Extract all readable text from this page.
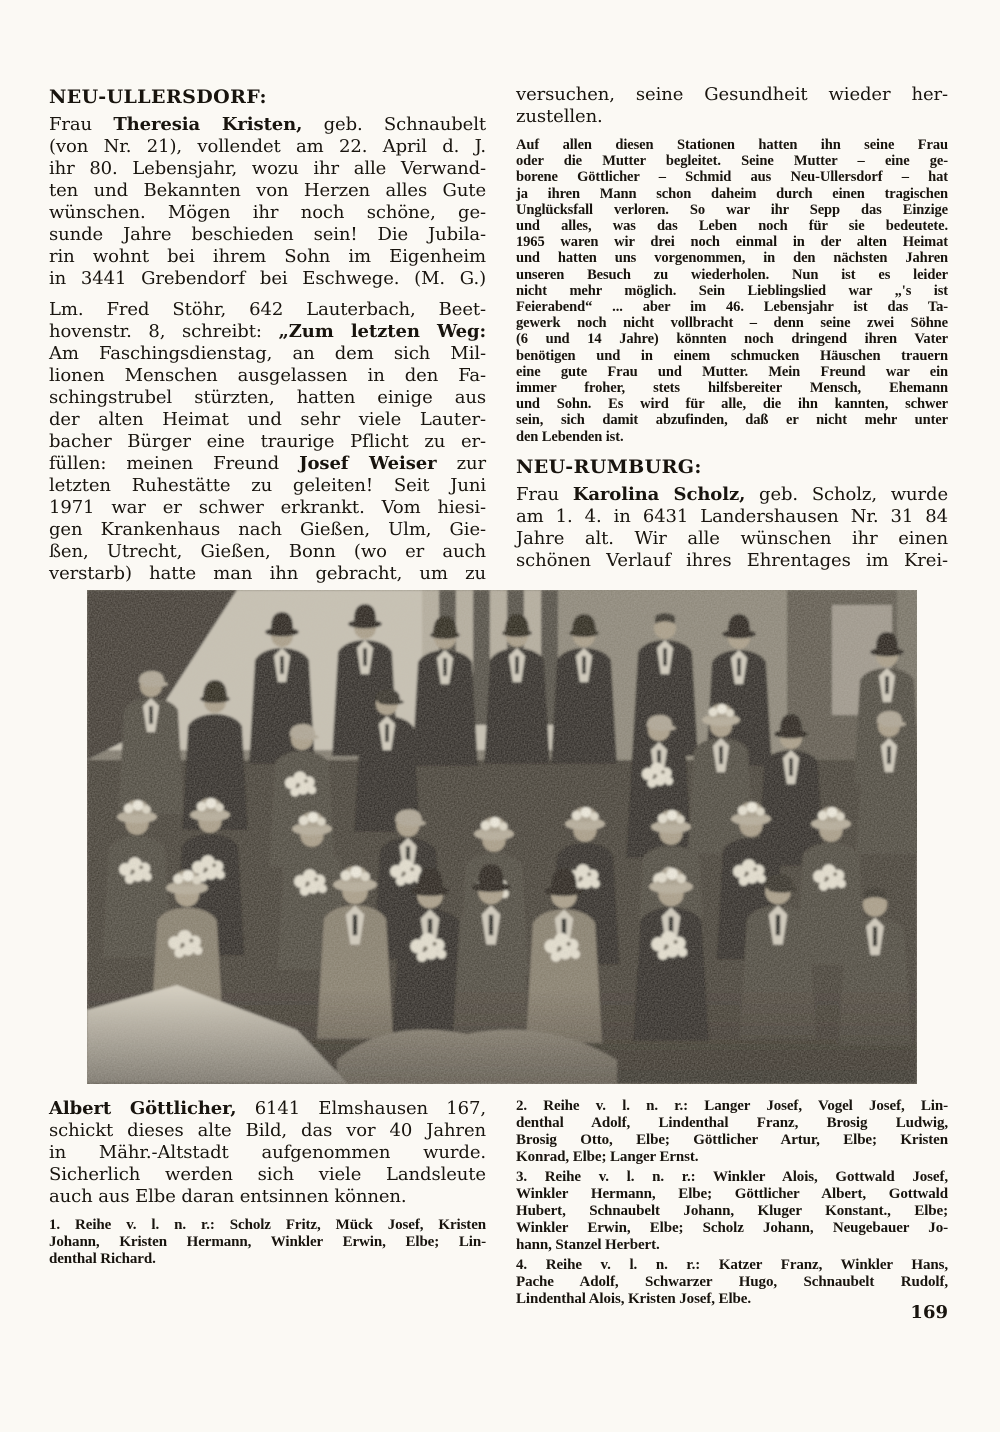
NEU-ULLERSDORF:
Frau Theresia Kristen, geb. Schnaubelt
(von Nr. 21), vollendet am 22. April d. J.
ihr 80. Lebensjahr, wozu ihr alle Verwand-
ten und Bekannten von Herzen alles Gute
wünschen. Mögen ihr noch schöne, ge-
sunde Jahre beschieden sein! Die Jubila-
rin wohnt bei ihrem Sohn im Eigenheim
in 3441 Grebendorf bei Eschwege. (M. G.)
Lm. Fred Stöhr, 642 Lauterbach, Beet-
hovenstr. 8, schreibt: „Zum letzten Weg:
Am Faschingsdienstag, an dem sich Mil-
lionen Menschen ausgelassen in den Fa-
schingstrubel stürzten, hatten einige aus
der alten Heimat und sehr viele Lauter-
bacher Bürger eine traurige Pflicht zu er-
füllen: meinen Freund Josef Weiser zur
letzten Ruhestätte zu geleiten! Seit Juni
1971 war er schwer erkrankt. Vom hiesi-
gen Krankenhaus nach Gießen, Ulm, Gie-
ßen, Utrecht, Gießen, Bonn (wo er auch
verstarb) hatte man ihn gebracht, um zu
versuchen, seine Gesundheit wieder her-
zustellen.
Auf allen diesen Stationen hatten ihn seine Frau
oder die Mutter begleitet. Seine Mutter – eine ge-
borene Göttlicher – Schmid aus Neu-Ullersdorf – hat
ja ihren Mann schon daheim durch einen tragischen
Unglücksfall verloren. So war ihr Sepp das Einzige
und alles, was das Leben noch für sie bedeutete.
1965 waren wir drei noch einmal in der alten Heimat
und hatten uns vorgenommen, in den nächsten Jahren
unseren Besuch zu wiederholen. Nun ist es leider
nicht mehr möglich. Sein Lieblingslied war „'s ist
Feierabend“ ... aber im 46. Lebensjahr ist das Ta-
gewerk noch nicht vollbracht – denn seine zwei Söhne
(6 und 14 Jahre) könnten noch dringend ihren Vater
benötigen und in einem schmucken Häuschen trauern
eine gute Frau und Mutter. Mein Freund war ein
immer froher, stets hilfsbereiter Mensch, Ehemann
und Sohn. Es wird für alle, die ihn kannten, schwer
sein, sich damit abzufinden, daß er nicht mehr unter
den Lebenden ist.
NEU-RUMBURG:
Frau Karolina Scholz, geb. Scholz, wurde
am 1. 4. in 6431 Landershausen Nr. 31 84
Jahre alt. Wir alle wünschen ihr einen
schönen Verlauf ihres Ehrentages im Krei-
Albert Göttlicher, 6141 Elmshausen 167,
schickt dieses alte Bild, das vor 40 Jahren
in Mähr.-Altstadt aufgenommen wurde.
Sicherlich werden sich viele Landsleute
auch aus Elbe daran entsinnen können.
1. Reihe v. l. n. r.: Scholz Fritz, Mück Josef, Kristen
Johann, Kristen Hermann, Winkler Erwin, Elbe; Lin-
denthal Richard.
2. Reihe v. l. n. r.: Langer Josef, Vogel Josef, Lin-
denthal Adolf, Lindenthal Franz, Brosig Ludwig,
Brosig Otto, Elbe; Göttlicher Artur, Elbe; Kristen
Konrad, Elbe; Langer Ernst.
3. Reihe v. l. n. r.: Winkler Alois, Gottwald Josef,
Winkler Hermann, Elbe; Göttlicher Albert, Gottwald
Hubert, Schnaubelt Johann, Kluger Konstant., Elbe;
Winkler Erwin, Elbe; Scholz Johann, Neugebauer Jo-
hann, Stanzel Herbert.
4. Reihe v. l. n. r.: Katzer Franz, Winkler Hans,
Pache Adolf, Schwarzer Hugo, Schnaubelt Rudolf,
Lindenthal Alois, Kristen Josef, Elbe.
169
